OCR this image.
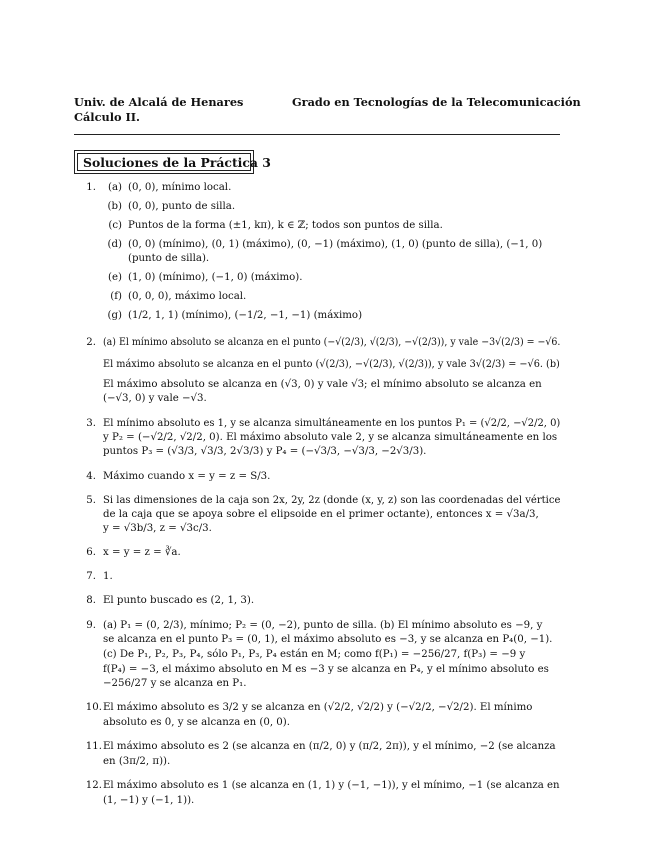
Univ. de Alcalá de Henares
Cálculo II.
Grado en Tecnologías de la Telecomunicación
Soluciones de la Práctica 3
1.	(a) (0, 0), mínimo local.
(b) (0, 0), punto de silla.
(c) Puntos de la forma (±1, kπ), k ∈ ℤ; todos son puntos de silla.
(d) (0, 0) (mínimo), (0, 1) (máximo), (0, −1) (máximo), (1, 0) (punto de silla), (−1, 0)
(punto de silla).
(e) (1, 0) (mínimo), (−1, 0) (máximo).
(f) (0, 0, 0), máximo local.
(g) (1/2, 1, 1) (mínimo), (−1/2, −1, −1) (máximo)
2. (a) El mínimo absoluto se alcanza en el punto (−√(2/3), √(2/3), −√(2/3)), y vale −3√(2/3) = −√6.
El máximo absoluto se alcanza en el punto (√(2/3), −√(2/3), √(2/3)), y vale 3√(2/3) = −√6. (b)
El máximo absoluto se alcanza en (√3, 0) y vale √3; el mínimo absoluto se alcanza en
(−√3, 0) y vale −√3.
3. El mínimo absoluto es 1, y se alcanza simultáneamente en los puntos P₁ = (√2/2, −√2/2, 0)
y P₂ = (−√2/2, √2/2, 0). El máximo absoluto vale 2, y se alcanza simultáneamente en los
puntos P₃ = (√3/3, √3/3, 2√3/3) y P₄ = (−√3/3, −√3/3, −2√3/3).
4. Máximo cuando x = y = z = S/3.
5. Si las dimensiones de la caja son 2x, 2y, 2z (donde (x, y, z) son las coordenadas del vértice
de la caja que se apoya sobre el elipsoide en el primer octante), entonces x = √3a/3,
y = √3b/3, z = √3c/3.
6. x = y = z = ∛a.
7. 1.
8. El punto buscado es (2, 1, 3).
9. (a) P₁ = (0, 2/3), mínimo; P₂ = (0, −2), punto de silla. (b) El mínimo absoluto es −9, y
se alcanza en el punto P₃ = (0, 1), el máximo absoluto es −3, y se alcanza en P₄(0, −1).
(c) De P₁, P₂, P₃, P₄, sólo P₁, P₃, P₄ están en M; como f(P₁) = −256/27, f(P₃) = −9 y
f(P₄) = −3, el máximo absoluto en M es −3 y se alcanza en P₄, y el mínimo absoluto es
−256/27 y se alcanza en P₁.
10. El máximo absoluto es 3/2 y se alcanza en (√2/2, √2/2) y (−√2/2, −√2/2). El mínimo
absoluto es 0, y se alcanza en (0, 0).
11. El máximo absoluto es 2 (se alcanza en (π/2, 0) y (π/2, 2π)), y el mínimo, −2 (se alcanza
en (3π/2, π)).
12. El máximo absoluto es 1 (se alcanza en (1, 1) y (−1, −1)), y el mínimo, −1 (se alcanza en
(1, −1) y (−1, 1)).
